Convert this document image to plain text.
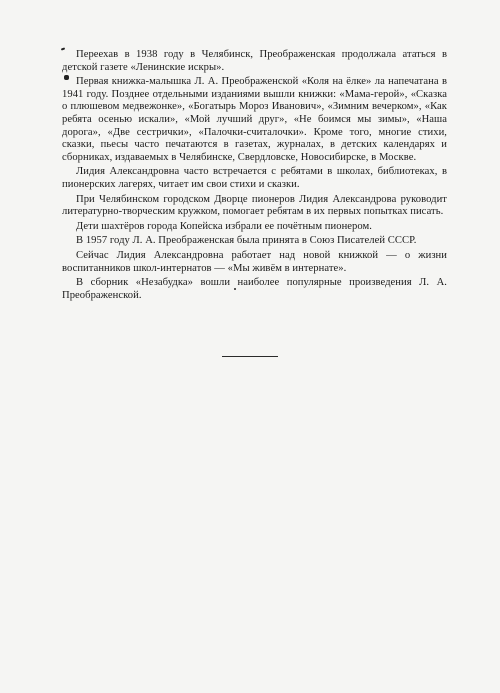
Переехав в 1938 году в Челябинск, Преображенская продолжала ататься в детской газете «Ленинские искры».

Первая книжка-малышка Л. А. Преображенской «Коля на ёлке» ла напечатана в 1941 году. Позднее отдельными изданиями вышли книжки: «Мама-герой», «Сказка о плюшевом медвежонке», «Богатырь Мороз Иванович», «Зимним вечерком», «Как ребята осенью искали», «Мой лучший друг», «Не боимся мы зимы», «Наша дорога», «Две сестрички», «Палочки-считалочки». Кроме того, многие стихи, сказки, пьесы часто печатаются в газетах, журналах, в детских календарях и сборниках, издаваемых в Челябинске, Свердловске, Новосибирске, в Москве.

Лидия Александровна часто встречается с ребятами в школах, библиотеках, в пионерских лагерях, читает им свои стихи и сказки.

При Челябинском городском Дворце пионеров Лидия Александрова руководит литературно-творческим кружком, помогает ребятам в их первых попытках писать.

Дети шахтёров города Копейска избрали ее почётным пионером.

В 1957 году Л. А. Преображенская была принята в Союз Писателей СССР.

Сейчас Лидия Александровна работает над новой книжкой — о жизни воспитанников школ-интернатов — «Мы живём в интернате».

В сборник «Незабудка» вошли наиболее популярные произведения Л. А. Преображенской.
